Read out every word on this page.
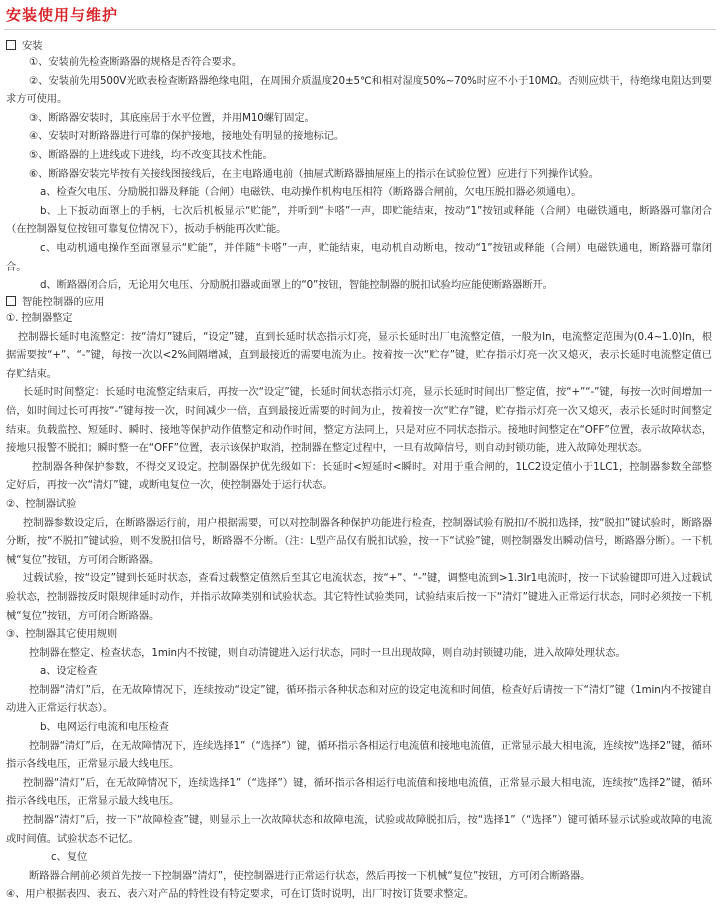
安装使用与维护
安装

①、安装前先检查断路器的规格是否符合要求。

②、安装前先用500V光欧表检查断路器绝缘电阻，在周围介质温度20±5℃和相对湿度50%~70%时应不小于10MΩ。否则应烘干，待绝缘电阻达到要求方可使用。

③、断路器安装时，其底座居于水平位置，并用M10螺钉固定。

④、安装时对断路器进行可靠的保护接地，接地处有明显的接地标记。

⑤、断路器的上进线或下进线，均不改变其技术性能。

⑥、断路器安装完毕按有关接线图接线后，在主电路通电前（抽屉式断路器抽屉座上的指示在试验位置）应进行下列操作试验。

a、检查欠电压、分励脱扣器及释能（合闸）电磁铁、电动操作机构电压相符（断路器合闸前，欠电压脱扣器必须通电）。

b、上下扳动面罩上的手柄，七次后机板显示“贮能”，并听到“卡嗒”一声，即贮能结束，按动“1”按钮或释能（合闸）电磁铁通电，断路器可靠闭合（在控制器复位按钮可靠复位情况下），扳动手柄能再次贮能。

c、电动机通电操作至面罩显示“贮能”，并伴随“卡嗒”一声，贮能结束，电动机自动断电，按动“1”按钮或释能（合闸）电磁铁通电，断路器可靠闭合。

d、断路器闭合后，无论用欠电压、分励脱扣器或面罩上的“0”按钮，智能控制器的脱扣试验均应能使断路器断开。

智能控制器的应用

①. 控制器整定

控制器长延时电流整定：按“清灯”键后，“设定”键，直到长延时状态指示灯亮，显示长延时出厂电流整定值，一般为In，电流整定范围为(0.4~1.0)In，根据需要按“+”、“-”键，每按一次以<2%间隔增减，直到最接近的需要电流为止。按着按一次“贮存”键，贮存指示灯亮一次又熄灭，表示长延时电流整定值已存贮结束。

长延时时间整定：长延时电流整定结束后，再按一次“设定”键，长延时间状态指示灯亮，显示长延时时间出厂整定值，按“+”“-”键，每按一次时间增加一倍，如时间过长可再按“-”键每按一次，时间减少一倍，直到最接近需要的时间为止，按着按一次“贮存”键，贮存指示灯亮一次又熄灭，表示长延时时间整定结束。负载监控、短延时、瞬时、接地等保护动作值整定和动作时间，整定方法同上，只是对应不同状态指示。接地时间整定在“OFF”位置，表示故障状态，接地只报警不脱扣；瞬时整一在“OFF”位置，表示该保护取消，控制器在整定过程中，一旦有故障信号，则自动封锁功能，进入故障处理状态。

控制器各种保护参数，不得交叉设定。控制器保护优先级如下：长延时<短延时<瞬时。对用于重合闸的，1LC2设定值小于1LC1，控制器参数全部整定好后，再按一次“清灯”键，或断电复位一次，使控制器处于运行状态。

②、控制器试验

控制器参数设定后，在断路器运行前，用户根据需要，可以对控制器各种保护功能进行检查，控制器试验有脱扣/不脱扣选择，按“脱扣”键试验时，断路器分断，按“不脱扣”键试验，则不发脱扣信号，断路器不分断。（注：L型产品仅有脱扣试验，按一下“试验”键，则控制器发出瞬动信号，断路器分断）。一下机械“复位”按钮，方可闭合断路器。

过载试验，按“设定”键到长延时状态，查看过载整定值然后至其它电流状态，按“+”、“-”键，调整电流到>1.3Ir1电流时，按一下试验键即可进入过载试验状态，控制器按反时限规律延时动作，并指示故障类别和试验状态。其它特性试验类同，试验结束后按一下“清灯”键进入正常运行状态，同时必须按一下机械“复位”按钮，方可闭合断路器。

③、控制器其它使用规则

控制器在整定、检查状态，1min内不按键，则自动清键进入运行状态，同时一旦出现故障，则自动封锁键功能，进入故障处理状态。

a、设定检查

控制器“清灯”后，在无故障情况下，连续按动“设定”键，循环指示各种状态和对应的设定电流和时间值，检查好后请按一下“清灯”键（1min内不按键自动进入正常运行状态）。

b、电网运行电流和电压检查

控制器“清灯”后，在无故障情况下，连续选择1”（“选择”）键，循环指示各相运行电流值和接地电流值，正常显示最大相电流，连续按“选择2”键，循环指示各线电压，正常显示最大线电压。

控制器“清灯”后，在无故障情况下，连续选择1”（“选择”）键，循环指示各相运行电流值和接地电流值，正常显示最大相电流，连续按“选择2”键，循环指示各线电压，正常显示最大线电压。

控制器“清灯”后，按一下“故障检查”键，则显示上一次故障状态和故障电流，试验或故障脱扣后，按“选择1”（“选择”）键可循环显示试验或故障的电流或时间值。试验状态不记忆。

c、复位

断路器合闸前必须首先按一下控制器“清灯”，使控制器进行正常运行状态，然后再按一下机械“复位”按钮，方可闭合断路器。

④、用户根据表四、表五、表六对产品的特性设有特定要求，可在订货时说明，出厂时按订货要求整定。
